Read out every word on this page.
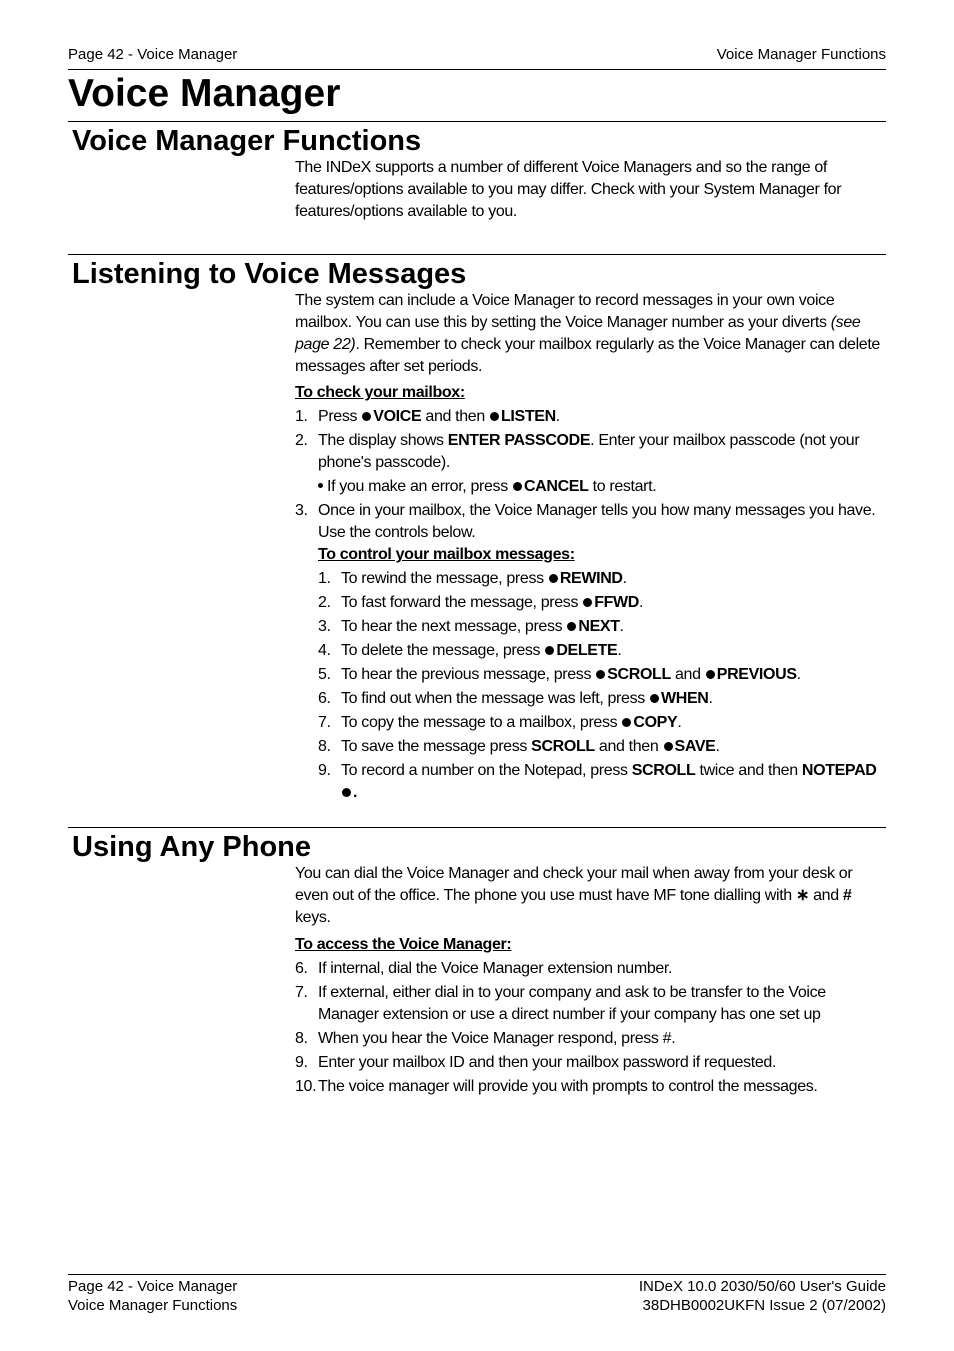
Page 42 - Voice Manager	Voice Manager Functions
Voice Manager
Voice Manager Functions

The INDeX supports a number of different Voice Managers and so the range of features/options available to you may differ. Check with your System Manager for features/options available to you.

Listening to Voice Messages

The system can include a Voice Manager to record messages in your own voice mailbox. You can use this by setting the Voice Manager number as your diverts (see page 22). Remember to check your mailbox regularly as the Voice Manager can delete messages after set periods.

To check your mailbox:

1. Press VOICE and then LISTEN.
2. The display shows ENTER PASSCODE. Enter your mailbox passcode (not your phone's passcode).
If you make an error, press CANCEL to restart.
3. Once in your mailbox, the Voice Manager tells you how many messages you have. Use the controls below.

To control your mailbox messages:

1. To rewind the message, press REWIND.
2. To fast forward the message, press FFWD.
3. To hear the next message, press NEXT.
4. To delete the message, press DELETE.
5. To hear the previous message, press SCROLL and PREVIOUS.
6. To find out when the message was left, press WHEN.
7. To copy the message to a mailbox, press COPY.
8. To save the message press SCROLL and then SAVE.
9. To record a number on the Notepad, press SCROLL twice and then NOTEPAD.
Using Any Phone

You can dial the Voice Manager and check your mail when away from your desk or even out of the office. The phone you use must have MF tone dialling with ∗ and # keys.

To access the Voice Manager:

6. If internal, dial the Voice Manager extension number.
7. If external, either dial in to your company and ask to be transfer to the Voice Manager extension or use a direct number if your company has one set up
8. When you hear the Voice Manager respond, press #.
9. Enter your mailbox ID and then your mailbox password if requested.
10. The voice manager will provide you with prompts to control the messages.
Page 42 - Voice Manager
Voice Manager Functions
INDeX 10.0 2030/50/60 User's Guide
38DHB0002UKFN Issue 2 (07/2002)
